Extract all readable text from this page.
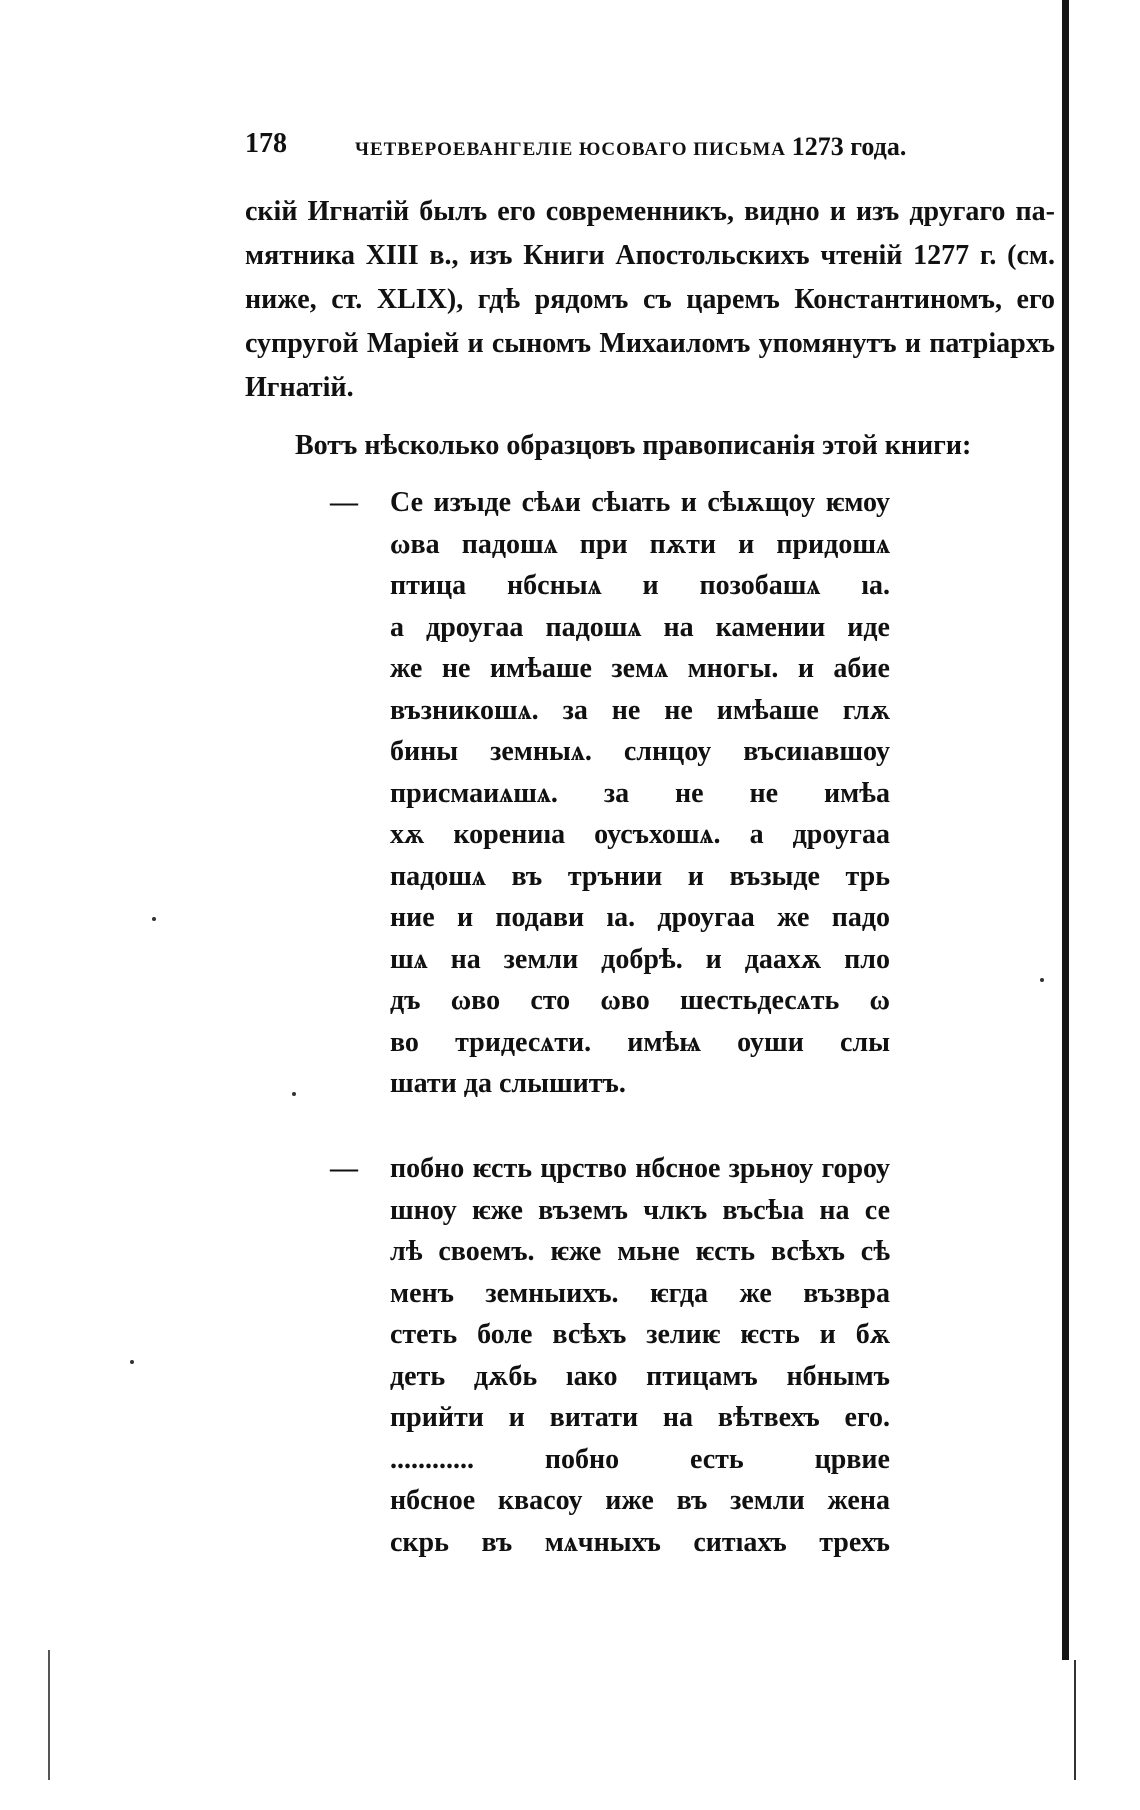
178	ЧЕТВЕРОЕВАНГЕЛІЕ ЮСОВАГО ПИСЬМА 1273 года.
скій Игнатій былъ его современникъ, видно и изъ другаго па-
мятника XIII в., изъ Книги Апостольскихъ чтеній 1277 г. (см.
ниже, ст. XLIX), гдѣ рядомъ съ царемъ Константиномъ, его
супругой Маріей и сыномъ Михаиломъ упомянутъ и патріархъ
Игнатій.
Вотъ нѣсколько образцовъ правописанія этой книги:
—	Се изъıде сѣѧи сѣıать и сѣıѫщоу ѥмоу
ωва падошѧ при пѫти и придошѧ
птица нбсныѧ и позобашѧ ıа.
а дроугаа падошѧ на камении иде
же не имѣаше земѧ многы. и абие
възникошѧ. за не не имѣаше глѫ
бины земныѧ. слнцоу въсиıавшоу
присмаиѧшѧ. за не не имѣа
хѫ корениıа оусъхошѧ. а дроугаа
падошѧ въ трънии и възыде трь
ние и подави ıа. дроугаа же падо
шѧ на земли добрѣ. и даахѫ пло
дъ ωво сто ωво шестьдесѧть ω
во тридесѧти. имѣѩ оуши слы
шати да слышитъ.
—	пoбно ѥсть црство нбсное зрьноу гороу
шноу ѥже въземъ члкъ въсѣıа на се
лѣ своемъ. ѥже мьне ѥсть всѣхъ сѣ
менъ земныихъ. ѥгда же възвра
стеть боле всѣхъ зелиѥ ѥсть и бѫ
деть дѫбь ıако птицамъ нбнымъ
прийти и витати на вѣтвехъ его.
............ пoбно есть црвие
нбсное квасоу иже въ земли жена
скрь въ мѧчныхъ ситıахъ трехъ
